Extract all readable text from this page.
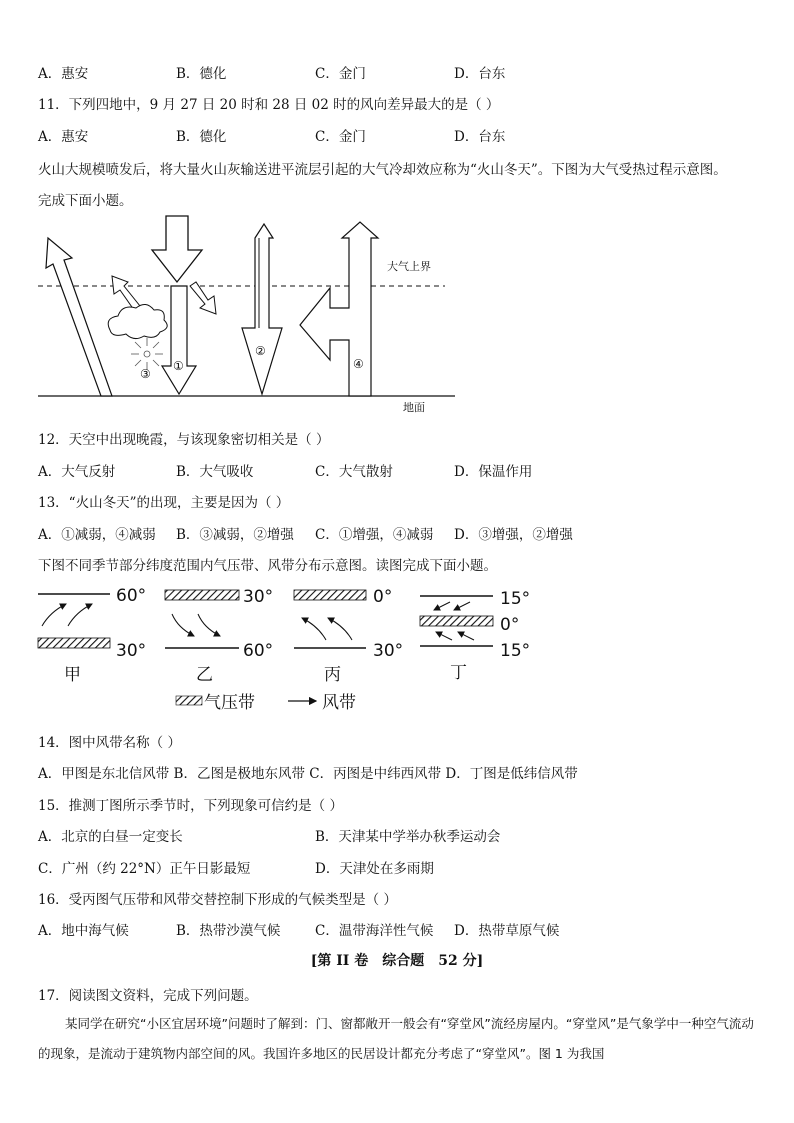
A．惠安	B．德化	C．金门	D．台东
11．下列四地中，9 月 27 日 20 时和 28 日 02 时的风向差异最大的是（ ）
A．惠安	B．德化	C．金门	D．台东
火山大规模喷发后，将大量火山灰输送进平流层引起的大气冷却效应称为“火山冬天”。下图为大气受热过程示意图。
完成下面小题。
大气上界
地面
①
③
②
④
12．天空中出现晚霞，与该现象密切相关是（ ）
A．大气反射	B．大气吸收	C．大气散射	D．保温作用
13．“火山冬天”的出现，主要是因为（ ）
A．①减弱，④减弱 B．③减弱，②增强 C．①增强，④减弱 D．③增强，②增强
下图不同季节部分纬度范围内气压带、风带分布示意图。读图完成下面小题。
60°
30°
甲
30°
60°
乙
0°
30°
丙
15°
0°
15°
丁
气压带	风带
14．图中风带名称（ ）
A．甲图是东北信风带 B．乙图是极地东风带 C．丙图是中纬西风带 D．丁图是低纬信风带
15．推测丁图所示季节时，下列现象可信约是（ ）
A．北京的白昼一定变长	B．天津某中学举办秋季运动会
C．广州（约 22°N）正午日影最短	D．天津处在多雨期
16．受丙图气压带和风带交替控制下形成的气候类型是（ ）
A．地中海气候	B．热带沙漠气候	C．温带海洋性气候 D．热带草原气候
[第 II 卷　综合题　52 分]
17．阅读图文资料，完成下列问题。
某同学在研究“小区宜居环境”问题时了解到：门、窗都敞开一般会有“穿堂风”流经房屋内。“穿堂风”是气象学中一种空气流动的现象，是流动于建筑物内部空间的风。我国许多地区的民居设计都充分考虑了“穿堂风”。图 1 为我国
